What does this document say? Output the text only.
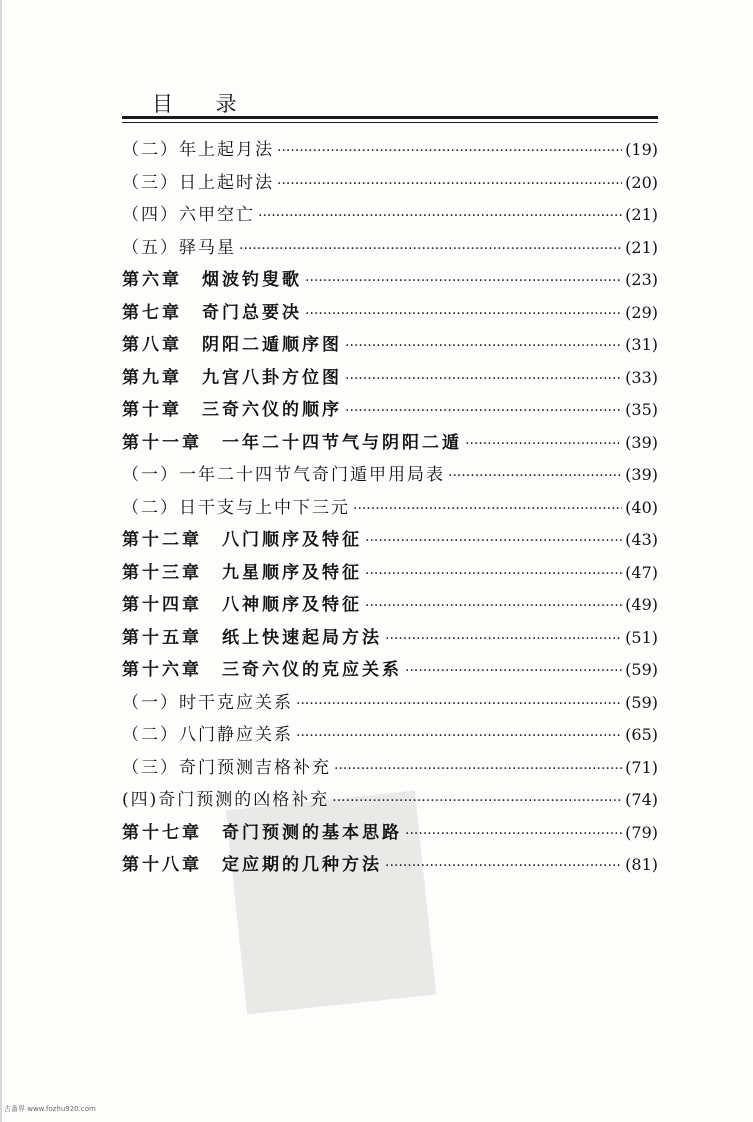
目 录
（二）年上起月法 ·····	(19)
（三）日上起时法 ·····	(20)
（四）六甲空亡 ·····	(21)
（五）驿马星 ·····	(21)
第六章　烟波钓叟歌 ·····	(23)
第七章　奇门总要决 ·····	(29)
第八章　阴阳二遁顺序图 ·····	(31)
第九章　九宫八卦方位图 ·····	(33)
第十章　三奇六仪的顺序 ·····	(35)
第十一章　一年二十四节气与阴阳二遁 ·····	(39)
（一）一年二十四节气奇门遁甲用局表 ·····	(39)
（二）日干支与上中下三元 ·····	(40)
第十二章　八门顺序及特征 ·····	(43)
第十三章　九星顺序及特征 ·····	(47)
第十四章　八神顺序及特征 ·····	(49)
第十五章　纸上快速起局方法 ·····	(51)
第十六章　三奇六仪的克应关系 ·····	(59)
（一）时干克应关系 ·····	(59)
（二）八门静应关系 ·····	(65)
（三）奇门预测吉格补充 ·····	(71)
(四)奇门预测的凶格补充 ·····	(74)
第十七章　奇门预测的基本思路 ·····	(79)
第十八章　定应期的几种方法 ·····	(81)
古番界 www.fozhu920.com
